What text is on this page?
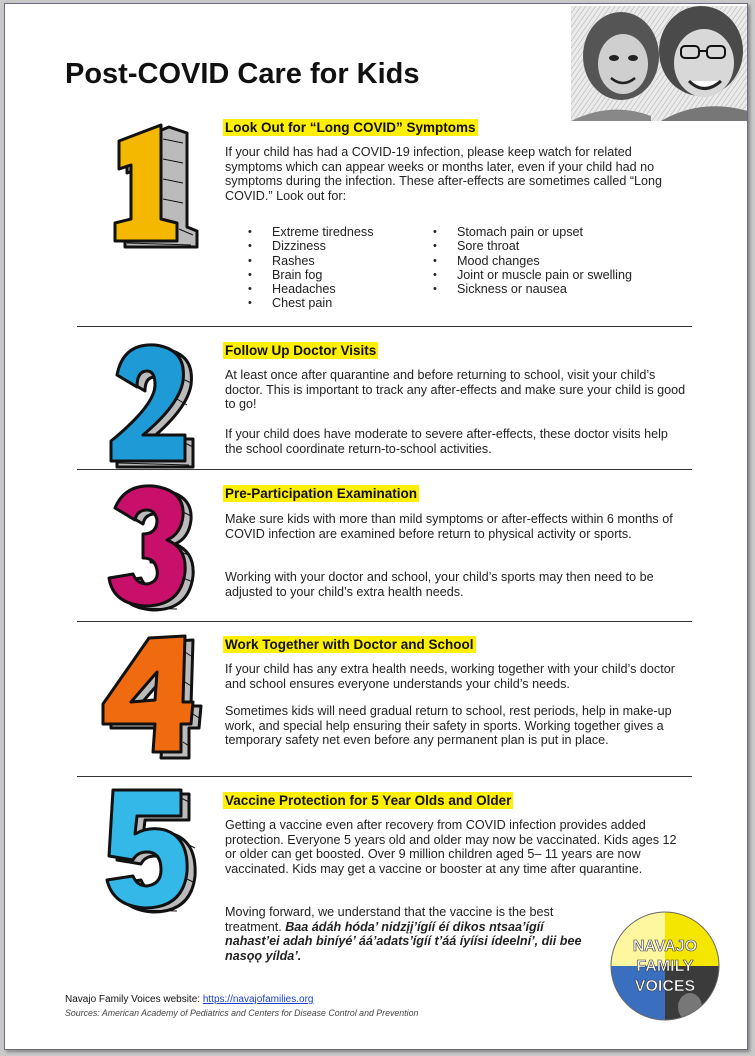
Post-COVID Care for Kids
Look Out for “Long COVID” Symptoms

If your child has had a COVID-19 infection, please keep watch for related symptoms which can appear weeks or months later, even if your child had no symptoms during the infection. These after-effects are sometimes called “Long COVID.” Look out for:

• Extreme tiredness
• Dizziness
• Rashes
• Brain fog
• Headaches
• Chest pain
• Stomach pain or upset
• Sore throat
• Mood changes
• Joint or muscle pain or swelling
• Sickness or nausea
Follow Up Doctor Visits

At least once after quarantine and before returning to school, visit your child’s doctor. This is important to track any after-effects and make sure your child is good to go!

If your child does have moderate to severe after-effects, these doctor visits help the school coordinate return-to-school activities.

Pre-Participation Examination

Make sure kids with more than mild symptoms or after-effects within 6 months of COVID infection are examined before return to physical activity or sports.

Working with your doctor and school, your child’s sports may then need to be adjusted to your child’s extra health needs.

Work Together with Doctor and School

If your child has any extra health needs, working together with your child’s doctor and school ensures everyone understands your child’s needs.

Sometimes kids will need gradual return to school, rest periods, help in make-up work, and special help ensuring their safety in sports. Working together gives a temporary safety net even before any permanent plan is put in place.

Vaccine Protection for 5 Year Olds and Older

Getting a vaccine even after recovery from COVID infection provides added protection. Everyone 5 years old and older may now be vaccinated. Kids ages 12 or older can get boosted. Over 9 million children aged 5– 11 years are now vaccinated. Kids may get a vaccine or booster at any time after quarantine.

Moving forward, we understand that the vaccine is the best treatment. Baa ádáh hóda’ nidzįį’ígíí éí dikos ntsaa’ígíí nahast’ei adah biníyé’ áá’adats’ígíí t’áá íyíísi ídeelní’, dii bee nasǫǫ yílda’.

NAVAJO
FAMILY
VOICES
Navajo Family Voices website: https://navajofamilies.org
Sources: American Academy of Pediatrics and Centers for Disease Control and Prevention
